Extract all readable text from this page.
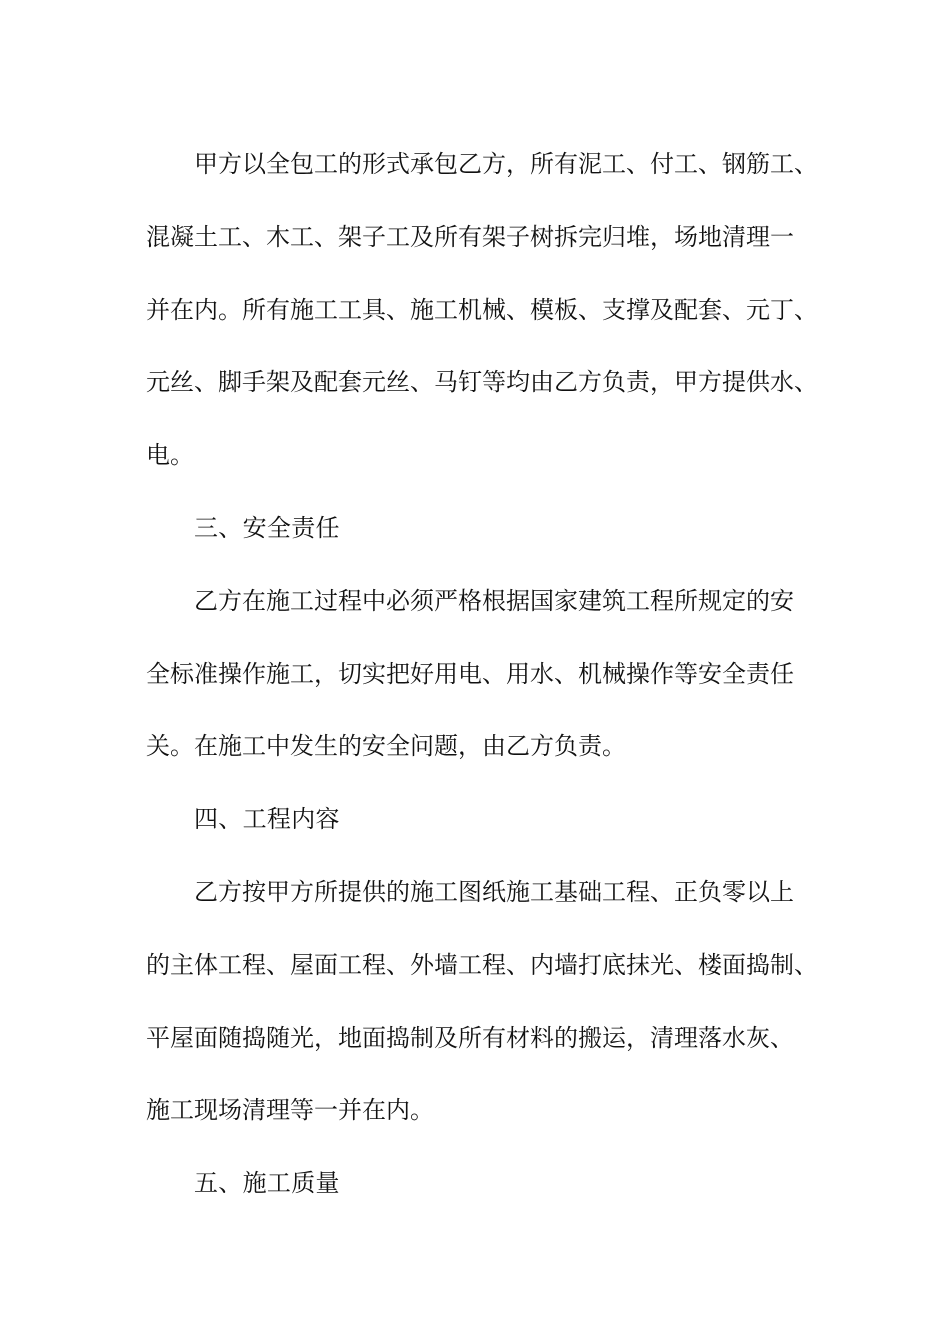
甲方以全包工的形式承包乙方，所有泥工、付工、钢筋工、
混凝土工、木工、架子工及所有架子树拆完归堆，场地清理一
并在内。所有施工工具、施工机械、模板、支撑及配套、元丁、
元丝、脚手架及配套元丝、马钉等均由乙方负责，甲方提供水、
电。
三、安全责任
乙方在施工过程中必须严格根据国家建筑工程所规定的安
全标准操作施工，切实把好用电、用水、机械操作等安全责任
关。在施工中发生的安全问题，由乙方负责。
四、工程内容
乙方按甲方所提供的施工图纸施工基础工程、正负零以上
的主体工程、屋面工程、外墙工程、内墙打底抹光、楼面捣制、
平屋面随捣随光，地面捣制及所有材料的搬运，清理落水灰、
施工现场清理等一并在内。
五、施工质量
